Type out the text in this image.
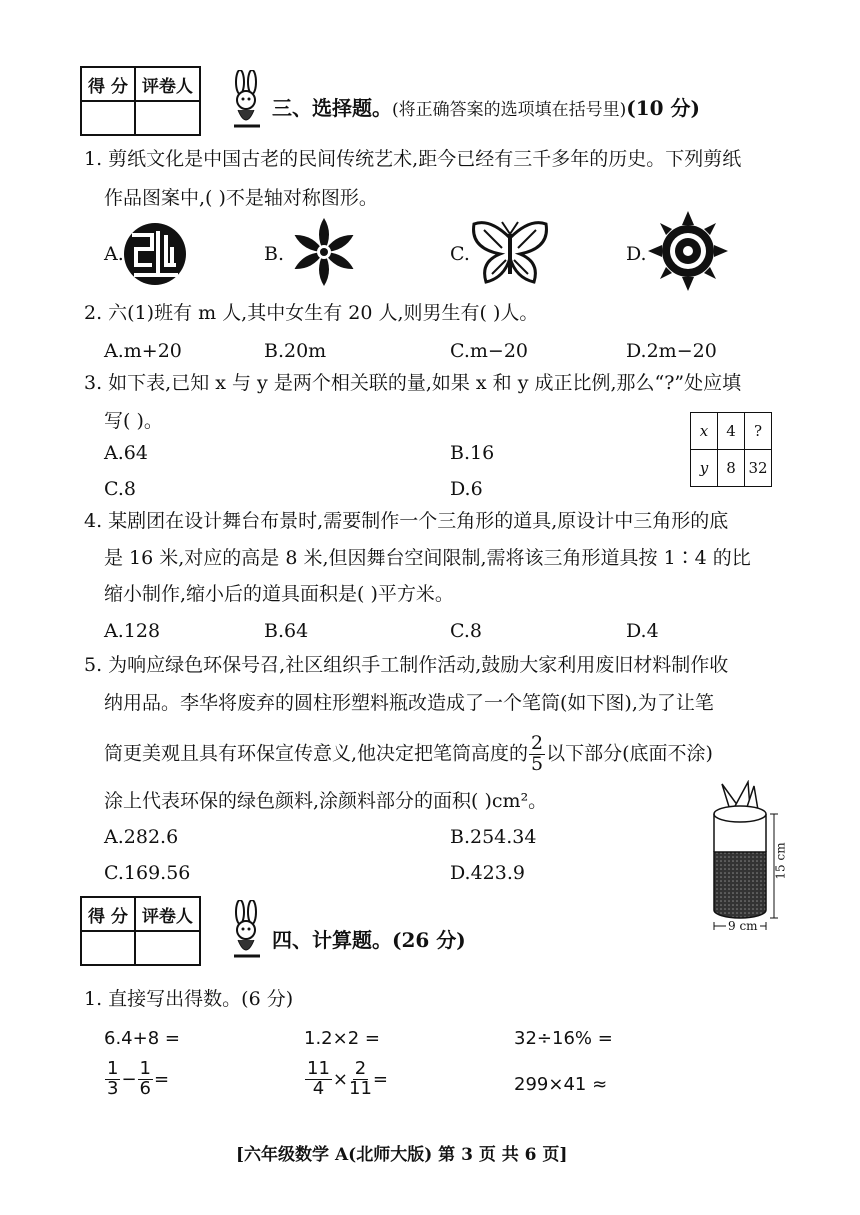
得 分	评卷人

三、选择题。(将正确答案的选项填在括号里)(10 分)
1. 剪纸文化是中国古老的民间传统艺术,距今已经有三千多年的历史。下列剪纸
作品图案中,( )不是轴对称图形。
A.	B.	C.	D.
2. 六(1)班有 m 人,其中女生有 20 人,则男生有( )人。
A.m+20	B.20m	C.m−20	D.2m−20
3. 如下表,已知 x 与 y 是两个相关联的量,如果 x 和 y 成正比例,那么“?”处应填
写( )。	x	4	?
y	8	32
A.64	B.16
C.8	D.6
4. 某剧团在设计舞台布景时,需要制作一个三角形的道具,原设计中三角形的底
是 16 米,对应的高是 8 米,但因舞台空间限制,需将该三角形道具按 1∶4 的比
缩小制作,缩小后的道具面积是( )平方米。
A.128	B.64	C.8	D.4
5. 为响应绿色环保号召,社区组织手工制作活动,鼓励大家利用废旧材料制作收
纳用品。李华将废弃的圆柱形塑料瓶改造成了一个笔筒(如下图),为了让笔
筒更美观且具有环保宣传意义,他决定把笔筒高度的 $\frac{2}{5}$ 以下部分(底面不涂)
涂上代表环保的绿色颜料,涂颜料部分的面积( )cm²。
A.282.6	B.254.34
C.169.56	D.423.9	15 cm
9 cm
得 分	评卷人

四、计算题。(26 分)
1. 直接写出得数。(6 分)
6.4+8 =	1.2×2 =	32÷16% =
$\frac{1}{3} - \frac{1}{6}$ =	$\frac{11}{4} \times \frac{2}{11}$ =	299×41 ≈
[六年级数学 A(北师大版) 第 3 页 共 6 页]
